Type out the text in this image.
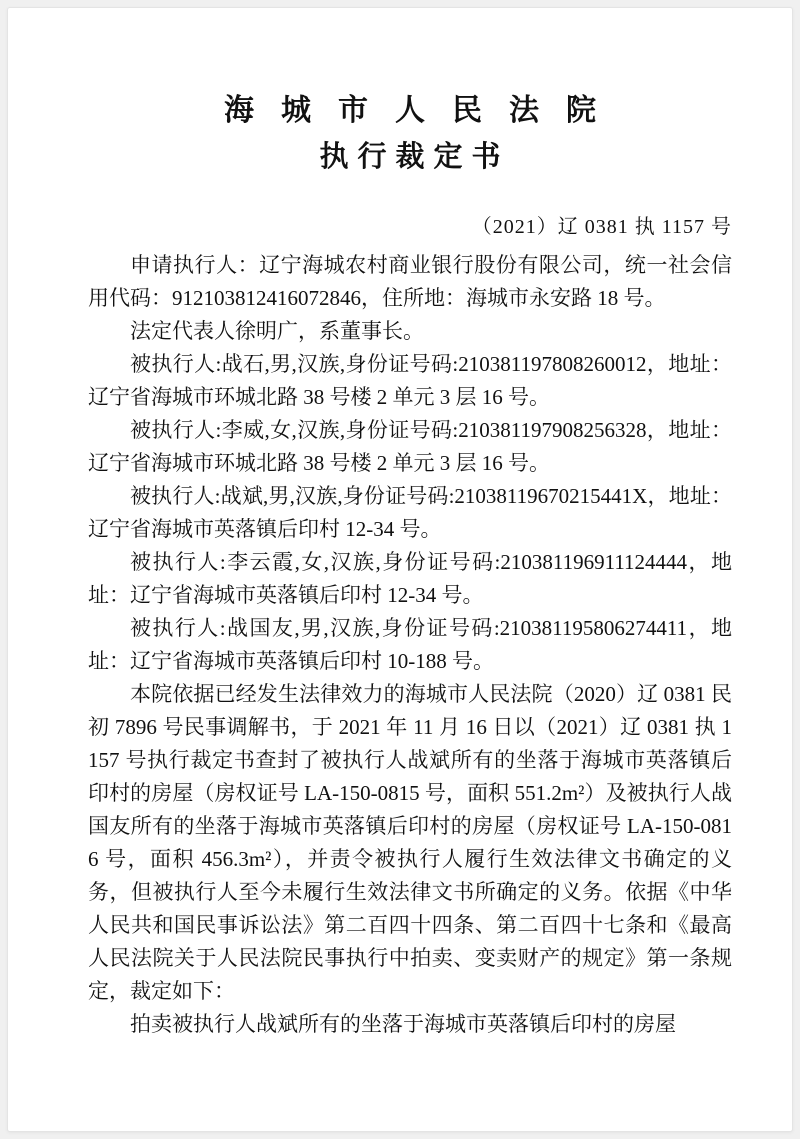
海城市人民法院
执行裁定书
（2021）辽 0381 执 1157 号

申请执行人：辽宁海城农村商业银行股份有限公司，统一社会信用代码：912103812416072846，住所地：海城市永安路 18 号。

法定代表人徐明广，系董事长。

被执行人:战石,男,汉族,身份证号码:210381197808260012，地址：辽宁省海城市环城北路 38 号楼 2 单元 3 层 16 号。

被执行人:李威,女,汉族,身份证号码:210381197908256328，地址：辽宁省海城市环城北路 38 号楼 2 单元 3 层 16 号。

被执行人:战斌,男,汉族,身份证号码:21038119670215441X，地址：辽宁省海城市英落镇后印村 12-34 号。

被执行人:李云霞,女,汉族,身份证号码:210381196911124444，地址：辽宁省海城市英落镇后印村 12-34 号。

被执行人:战国友,男,汉族,身份证号码:210381195806274411，地址：辽宁省海城市英落镇后印村 10-188 号。

本院依据已经发生法律效力的海城市人民法院（2020）辽 0381 民初 7896 号民事调解书，于 2021 年 11 月 16 日以（2021）辽 0381 执 1157 号执行裁定书查封了被执行人战斌所有的坐落于海城市英落镇后印村的房屋（房权证号 LA-150-0815 号，面积 551.2m²）及被执行人战国友所有的坐落于海城市英落镇后印村的房屋（房权证号 LA-150-0816 号，面积 456.3m²），并责令被执行人履行生效法律文书确定的义务，但被执行人至今未履行生效法律文书所确定的义务。依据《中华人民共和国民事诉讼法》第二百四十四条、第二百四十七条和《最高人民法院关于人民法院民事执行中拍卖、变卖财产的规定》第一条规定，裁定如下：

拍卖被执行人战斌所有的坐落于海城市英落镇后印村的房屋
